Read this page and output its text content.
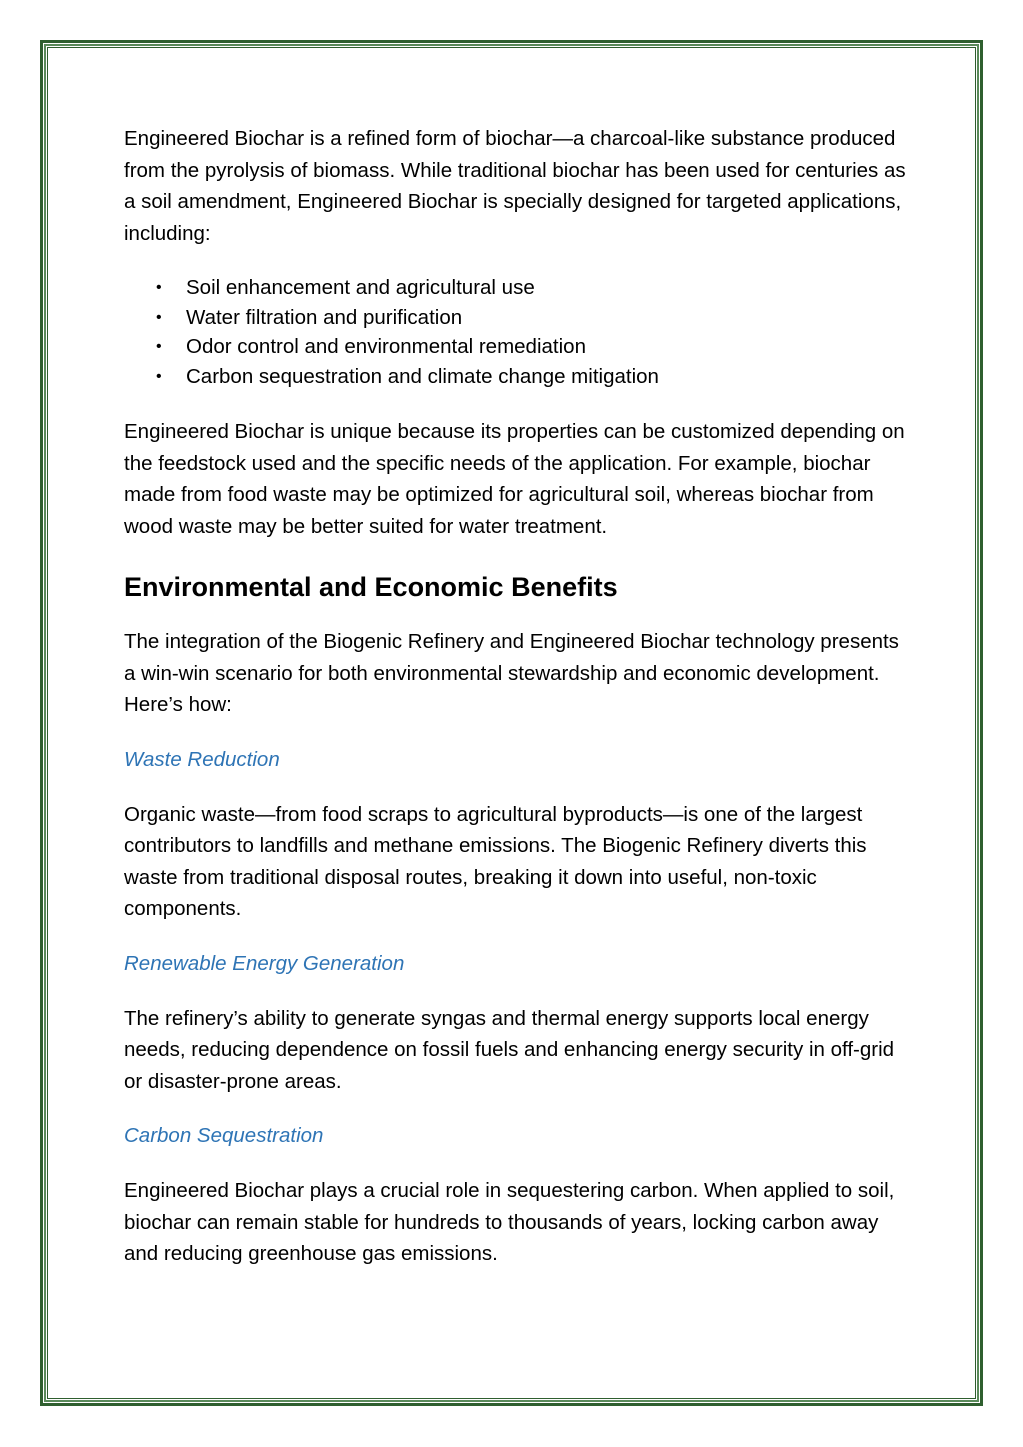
Engineered Biochar is a refined form of biochar—a charcoal-like substance produced from the pyrolysis of biomass. While traditional biochar has been used for centuries as a soil amendment, Engineered Biochar is specially designed for targeted applications, including:

• Soil enhancement and agricultural use
• Water filtration and purification
• Odor control and environmental remediation
• Carbon sequestration and climate change mitigation

Engineered Biochar is unique because its properties can be customized depending on the feedstock used and the specific needs of the application. For example, biochar made from food waste may be optimized for agricultural soil, whereas biochar from wood waste may be better suited for water treatment.

Environmental and Economic Benefits

The integration of the Biogenic Refinery and Engineered Biochar technology presents a win-win scenario for both environmental stewardship and economic development. Here’s how:

Waste Reduction

Organic waste—from food scraps to agricultural byproducts—is one of the largest contributors to landfills and methane emissions. The Biogenic Refinery diverts this waste from traditional disposal routes, breaking it down into useful, non-toxic components.

Renewable Energy Generation

The refinery’s ability to generate syngas and thermal energy supports local energy needs, reducing dependence on fossil fuels and enhancing energy security in off-grid or disaster-prone areas.

Carbon Sequestration

Engineered Biochar plays a crucial role in sequestering carbon. When applied to soil, biochar can remain stable for hundreds to thousands of years, locking carbon away and reducing greenhouse gas emissions.
